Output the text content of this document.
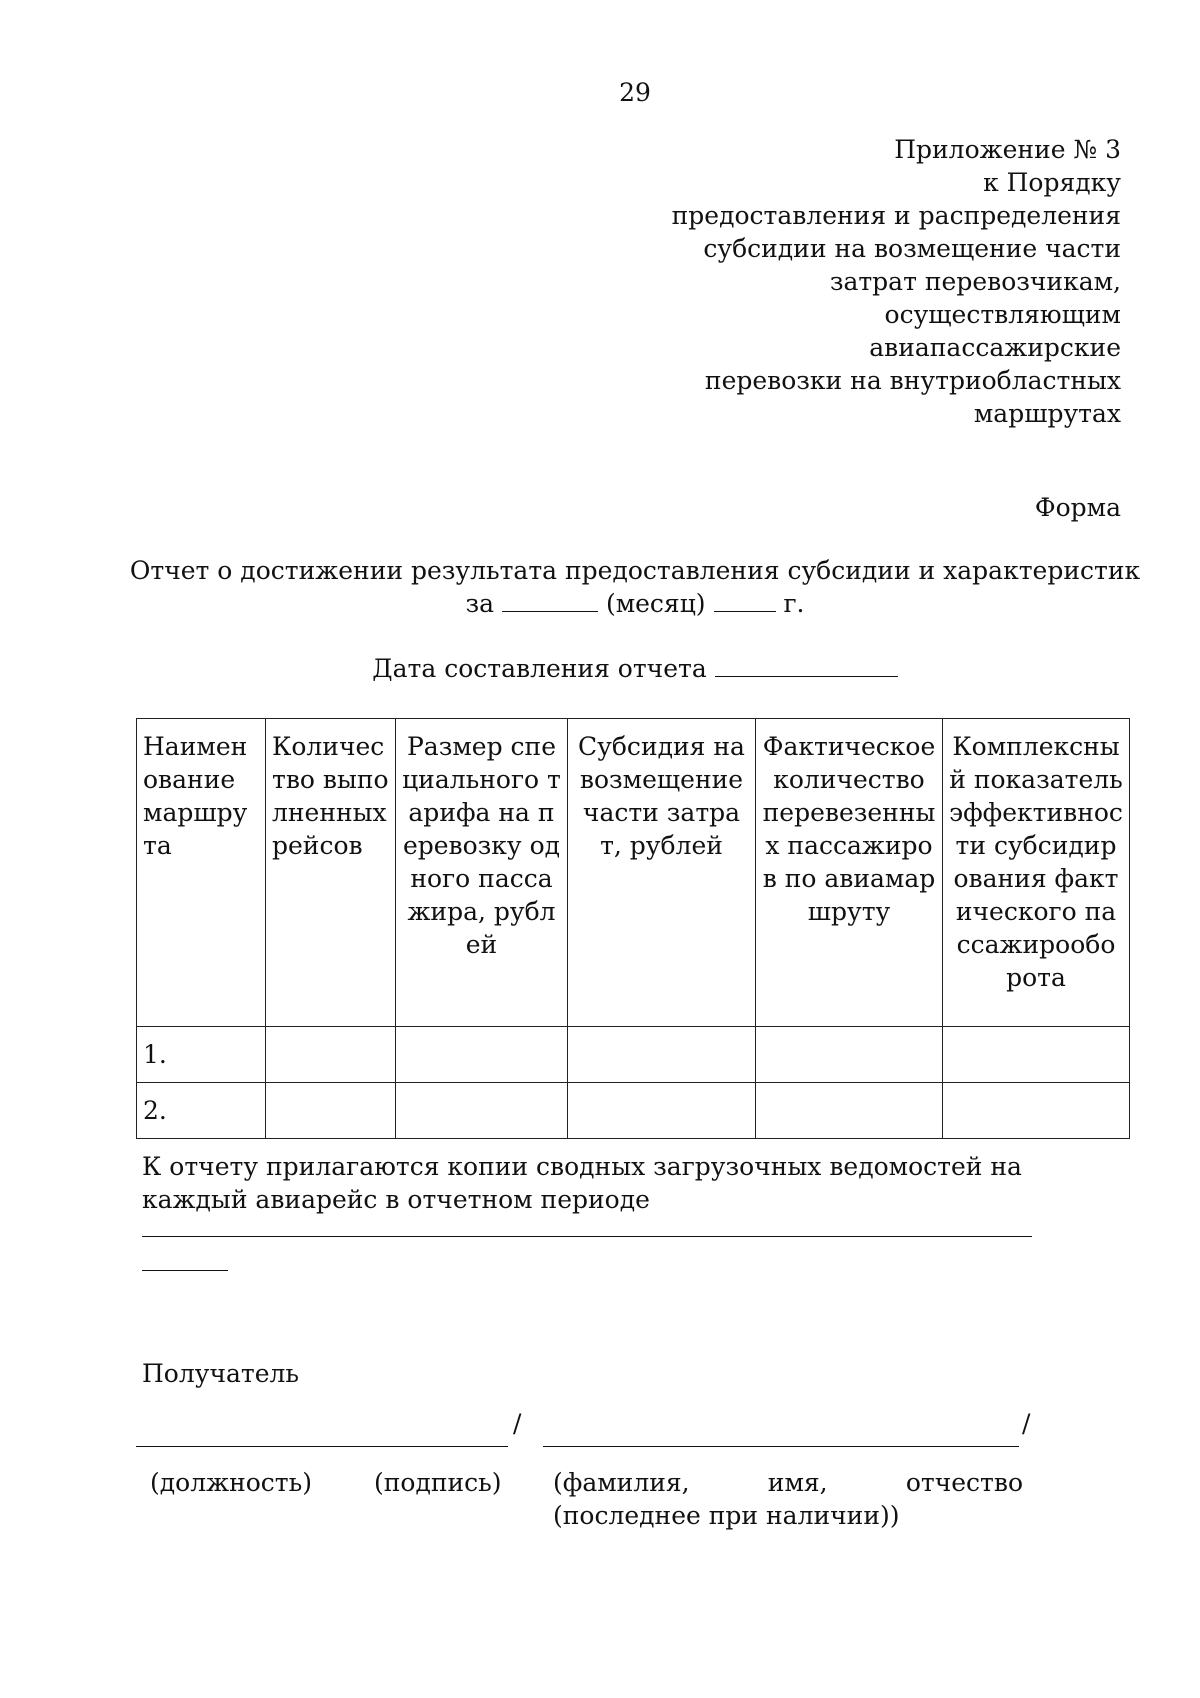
29
Приложение № 3
к Порядку
предоставления и распределения
субсидии на возмещение части
затрат перевозчикам,
осуществляющим
авиапассажирские
перевозки на внутриобластных
маршрутах
Форма
Отчет о достижении результата предоставления субсидии и характеристик
за	(месяц)	г.
Дата составления отчета
Наименование маршрута	Количество выполненных рейсов	Размер специального тарифа на перевозку одного пассажира, рублей	Субсидия на возмещение части затрат, рублей	Фактическое количество перевезенных пассажиров по авиамаршруту	Комплексный показатель эффективности субсидирования фактического пассажирооборота
1.					
2.					
К отчету прилагаются копии сводных загрузочных ведомостей на каждый авиарейс в отчетном периоде
Получатель
/	/
(должность) (подпись) (фамилия, имя, отчество (последнее при наличии))
